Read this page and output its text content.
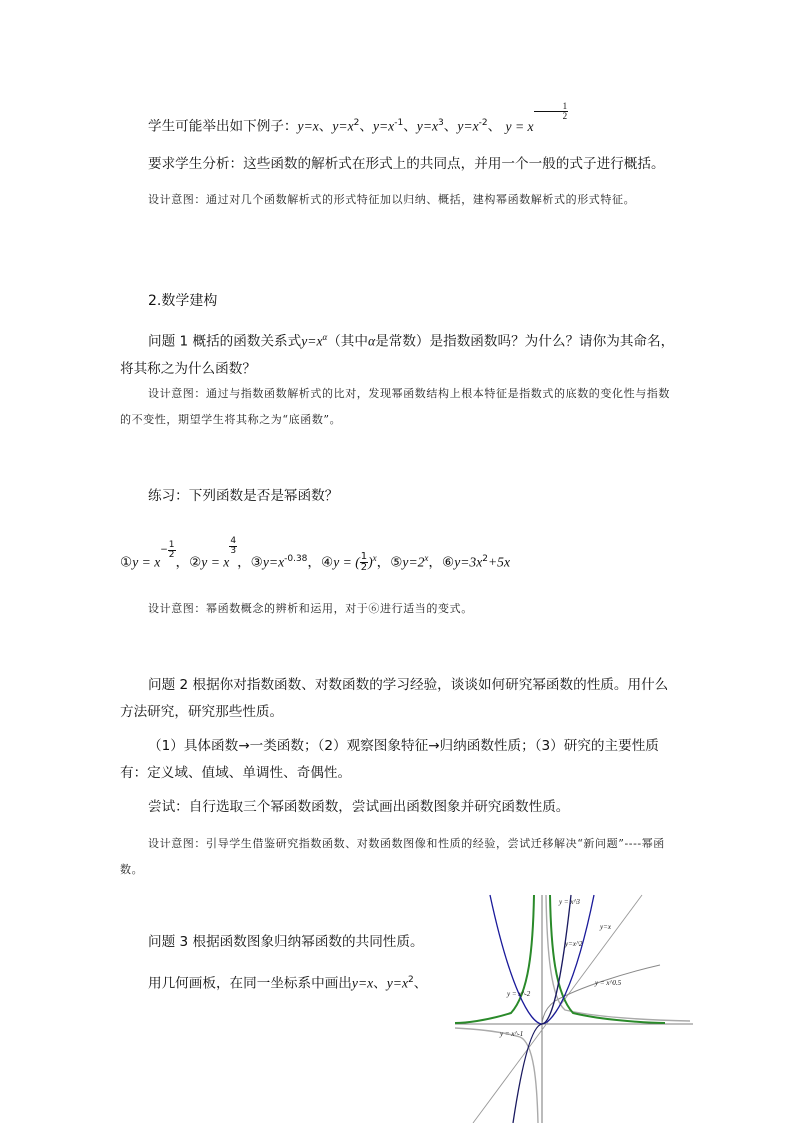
学生可能举出如下例子：y=x、$y=x^2$、$y=x^{-1}$、$y=x^3$、$y=x^{-2}$、 y = x
$\frac{1}{2}$
要求学生分析：这些函数的解析式在形式上的共同点，并用一个一般的式子进行概括。
设计意图：通过对几个函数解析式的形式特征加以归纳、概括，建构幂函数解析式的形式特征。
2.数学建构
问题 1 概括的函数关系式$y=x^\alpha$（其中α是常数）是指数函数吗？为什么？请你为其命名，将其称之为什么函数？
设计意图：通过与指数函数解析式的比对，发现幂函数结构上根本特征是指数式的底数的变化性与指数的不变性，期望学生将其称之为“底函数”。
练习：下列函数是否是幂函数？
①y = $x- \frac{1}{2}$
，②y = x
$\frac{4}{3}$
，$③y=x^{-0.38}$，④y = ( $\frac{1}{2} )^x$，$⑤y=2^x$，$⑥y=3x^2+5x$
设计意图：幂函数概念的辨析和运用，对于⑥进行适当的变式。
问题 2 根据你对指数函数、对数函数的学习经验，谈谈如何研究幂函数的性质。用什么方法研究，研究那些性质。
（1）具体函数→一类函数；（2）观察图象特征→归纳函数性质；（3）研究的主要性质有：定义域、值域、单调性、奇偶性。
尝试：自行选取三个幂函数函数，尝试画出函数图象并研究函数性质。
设计意图：引导学生借鉴研究指数函数、对数函数图像和性质的经验，尝试迁移解决“新问题”----幂函数。
问题 3 根据函数图象归纳幂函数的共同性质。
用几何画板，在同一坐标系中画出y=x、$y=x^2$、
y = x^3
y=x^2
y=x
y = x^0.5
y = x^-2
y = x^-1
